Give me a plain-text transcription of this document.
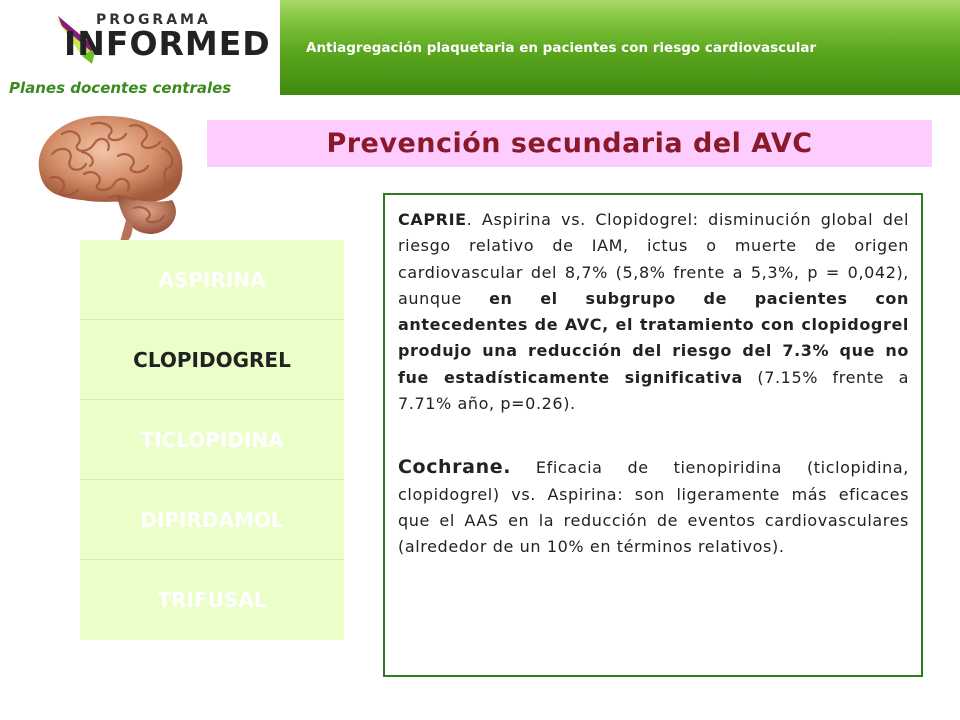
PROGRAMA
INFORMED
Planes docentes centrales
Antiagregación plaquetaria en pacientes con riesgo cardiovascular
Prevención secundaria del AVC
ASPIRINA
CLOPIDOGREL
TICLOPIDINA
DIPIRDAMOL
TRIFUSAL

CAPRIE. Aspirina vs. Clopidogrel: disminución global del riesgo relativo de IAM, ictus o muerte de origen cardiovascular del 8,7% (5,8% frente a 5,3%, p = 0,042), aunque en el subgrupo de pacientes con antecedentes de AVC, el tratamiento con clopidogrel produjo una reducción del riesgo del 7.3% que no fue estadísticamente significativa (7.15% frente a 7.71% año, p=0.26).

Cochrane. Eficacia de tienopiridina (ticlopidina, clopidogrel) vs. Aspirina: son ligeramente más eficaces que el AAS en la reducción de eventos cardiovasculares (alrededor de un 10% en términos relativos).
